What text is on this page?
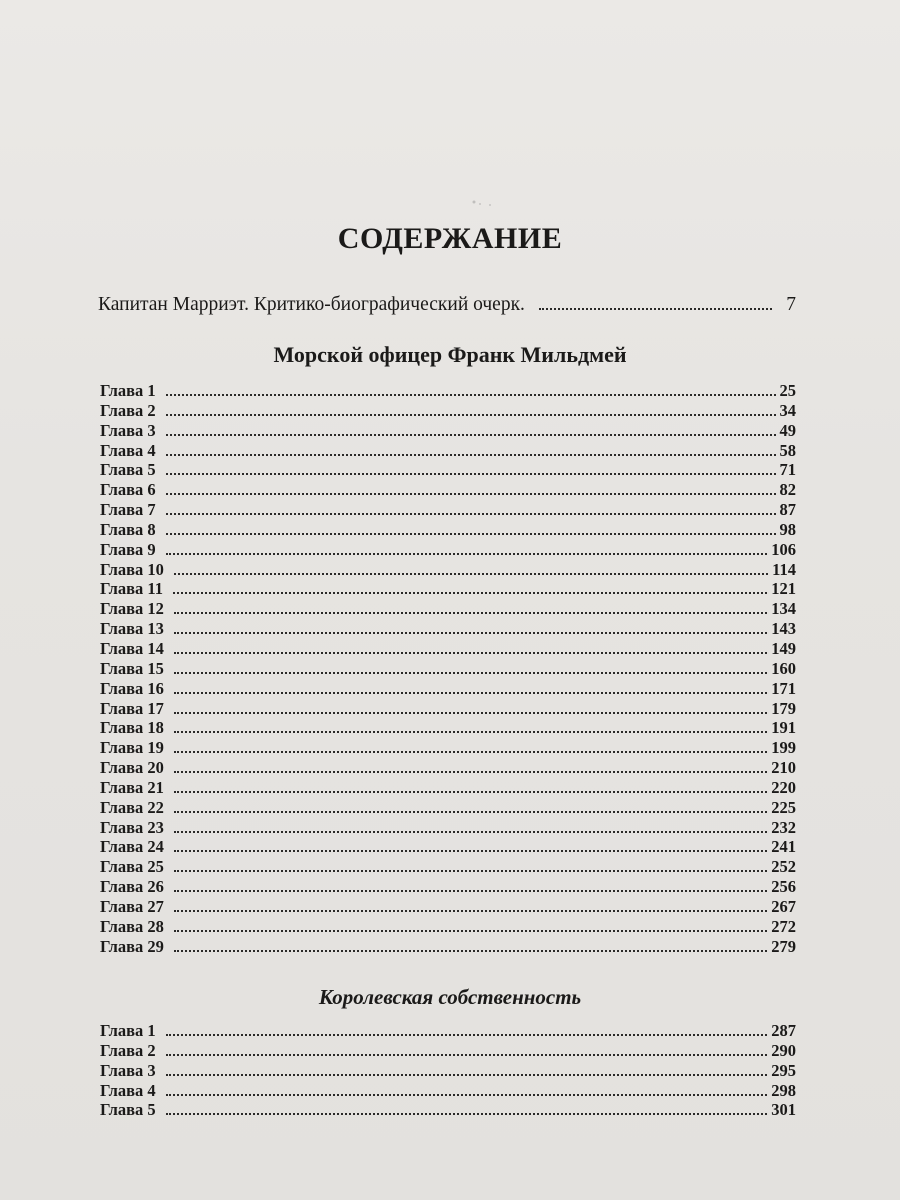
СОДЕРЖАНИЕ
Капитан Марриэт. Критико-биографический очерк.	7
Морской офицер Франк Мильдмей
Глава 1	25
Глава 2	34
Глава 3	49
Глава 4	58
Глава 5	71
Глава 6	82
Глава 7	87
Глава 8	98
Глава 9	106
Глава 10	114
Глава 11	121
Глава 12	134
Глава 13	143
Глава 14	149
Глава 15	160
Глава 16	171
Глава 17	179
Глава 18	191
Глава 19	199
Глава 20	210
Глава 21	220
Глава 22	225
Глава 23	232
Глава 24	241
Глава 25	252
Глава 26	256
Глава 27	267
Глава 28	272
Глава 29	279
Королевская собственность
Глава 1	287
Глава 2	290
Глава 3	295
Глава 4	298
Глава 5	301
